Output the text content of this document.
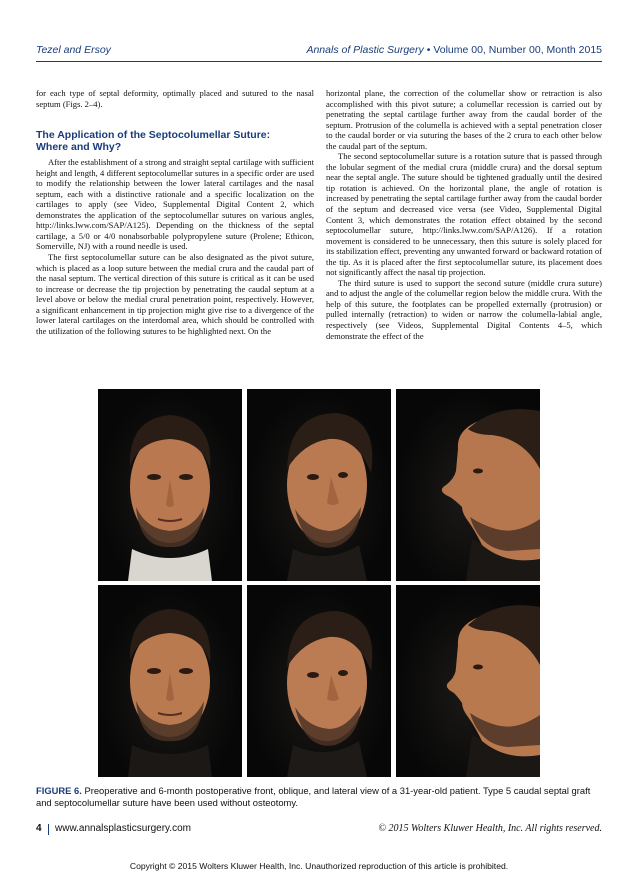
Tezel and Ersoy	Annals of Plastic Surgery • Volume 00, Number 00, Month 2015

for each type of septal deformity, optimally placed and sutured to the nasal septum (Figs. 2–4).

The Application of the Septocolumellar Suture:
Where and Why?

After the establishment of a strong and straight septal cartilage with sufficient height and length, 4 different septocolumellar sutures in a specific order are used to modify the relationship between the lower lateral cartilages and the nasal septum, each with a distinctive rationale and a specific localization on the cartilages to apply (see Video, Supplemental Digital Content 2, which demonstrates the application of the septocolumellar sutures on various angles, http://links.lww.com/SAP/A125). Depending on the thickness of the septal cartilage, a 5/0 or 4/0 nonabsorbable polypropylene suture (Prolene; Ethicon, Somerville, NJ) with a round needle is used.

The first septocolumellar suture can be also designated as the pivot suture, which is placed as a loop suture between the medial crura and the caudal part of the nasal septum. The vertical direction of this suture is critical as it can be used to increase or decrease the tip projection by penetrating the caudal septum at a level above or below the medial crural penetration point, respectively. However, a significant enhancement in tip projection might give rise to a divergence of the lower lateral cartilages on the interdomal area, which should be controlled with the utilization of the following sutures to be highlighted next. On the

horizontal plane, the correction of the columellar show or retraction is also accomplished with this pivot suture; a columellar recession is carried out by penetrating the septal cartilage further away from the caudal border of the septum. Protrusion of the columella is achieved with a septal penetration closer to the caudal border or via suturing the bases of the 2 crura to each other below the caudal part of the septum.

The second septocolumellar suture is a rotation suture that is passed through the lobular segment of the medial crura (middle crura) and the dorsal septum near the septal angle. The suture should be tightened gradually until the desired tip rotation is achieved. On the horizontal plane, the angle of rotation is increased by penetrating the septal cartilage further away from the caudal border of the septum and decreased vice versa (see Video, Supplemental Digital Content 3, which demonstrates the rotation effect obtained by the second septocolumellar suture, http://links.lww.com/SAP/A126). If a rotation movement is considered to be unnecessary, then this suture is solely placed for its stabilization effect, preventing any unwanted forward or backward rotation of the tip. As it is placed after the first septocolumellar suture, its placement does not significantly affect the nasal tip projection.

The third suture is used to support the second suture (middle crura suture) and to adjust the angle of the columellar region below the middle crura. With the help of this suture, the footplates can be propelled externally (protrusion) or pulled internally (retraction) to widen or narrow the columella-labial angle, respectively (see Videos, Supplemental Digital Contents 4–5, which demonstrate the effect of the

FIGURE 6. Preoperative and 6-month postoperative front, oblique, and lateral view of a 31-year-old patient. Type 5 caudal septal graft and septocolumellar suture have been used without osteotomy.
4 www.annalsplasticsurgery.com	© 2015 Wolters Kluwer Health, Inc. All rights reserved.
Copyright © 2015 Wolters Kluwer Health, Inc. Unauthorized reproduction of this article is prohibited.
